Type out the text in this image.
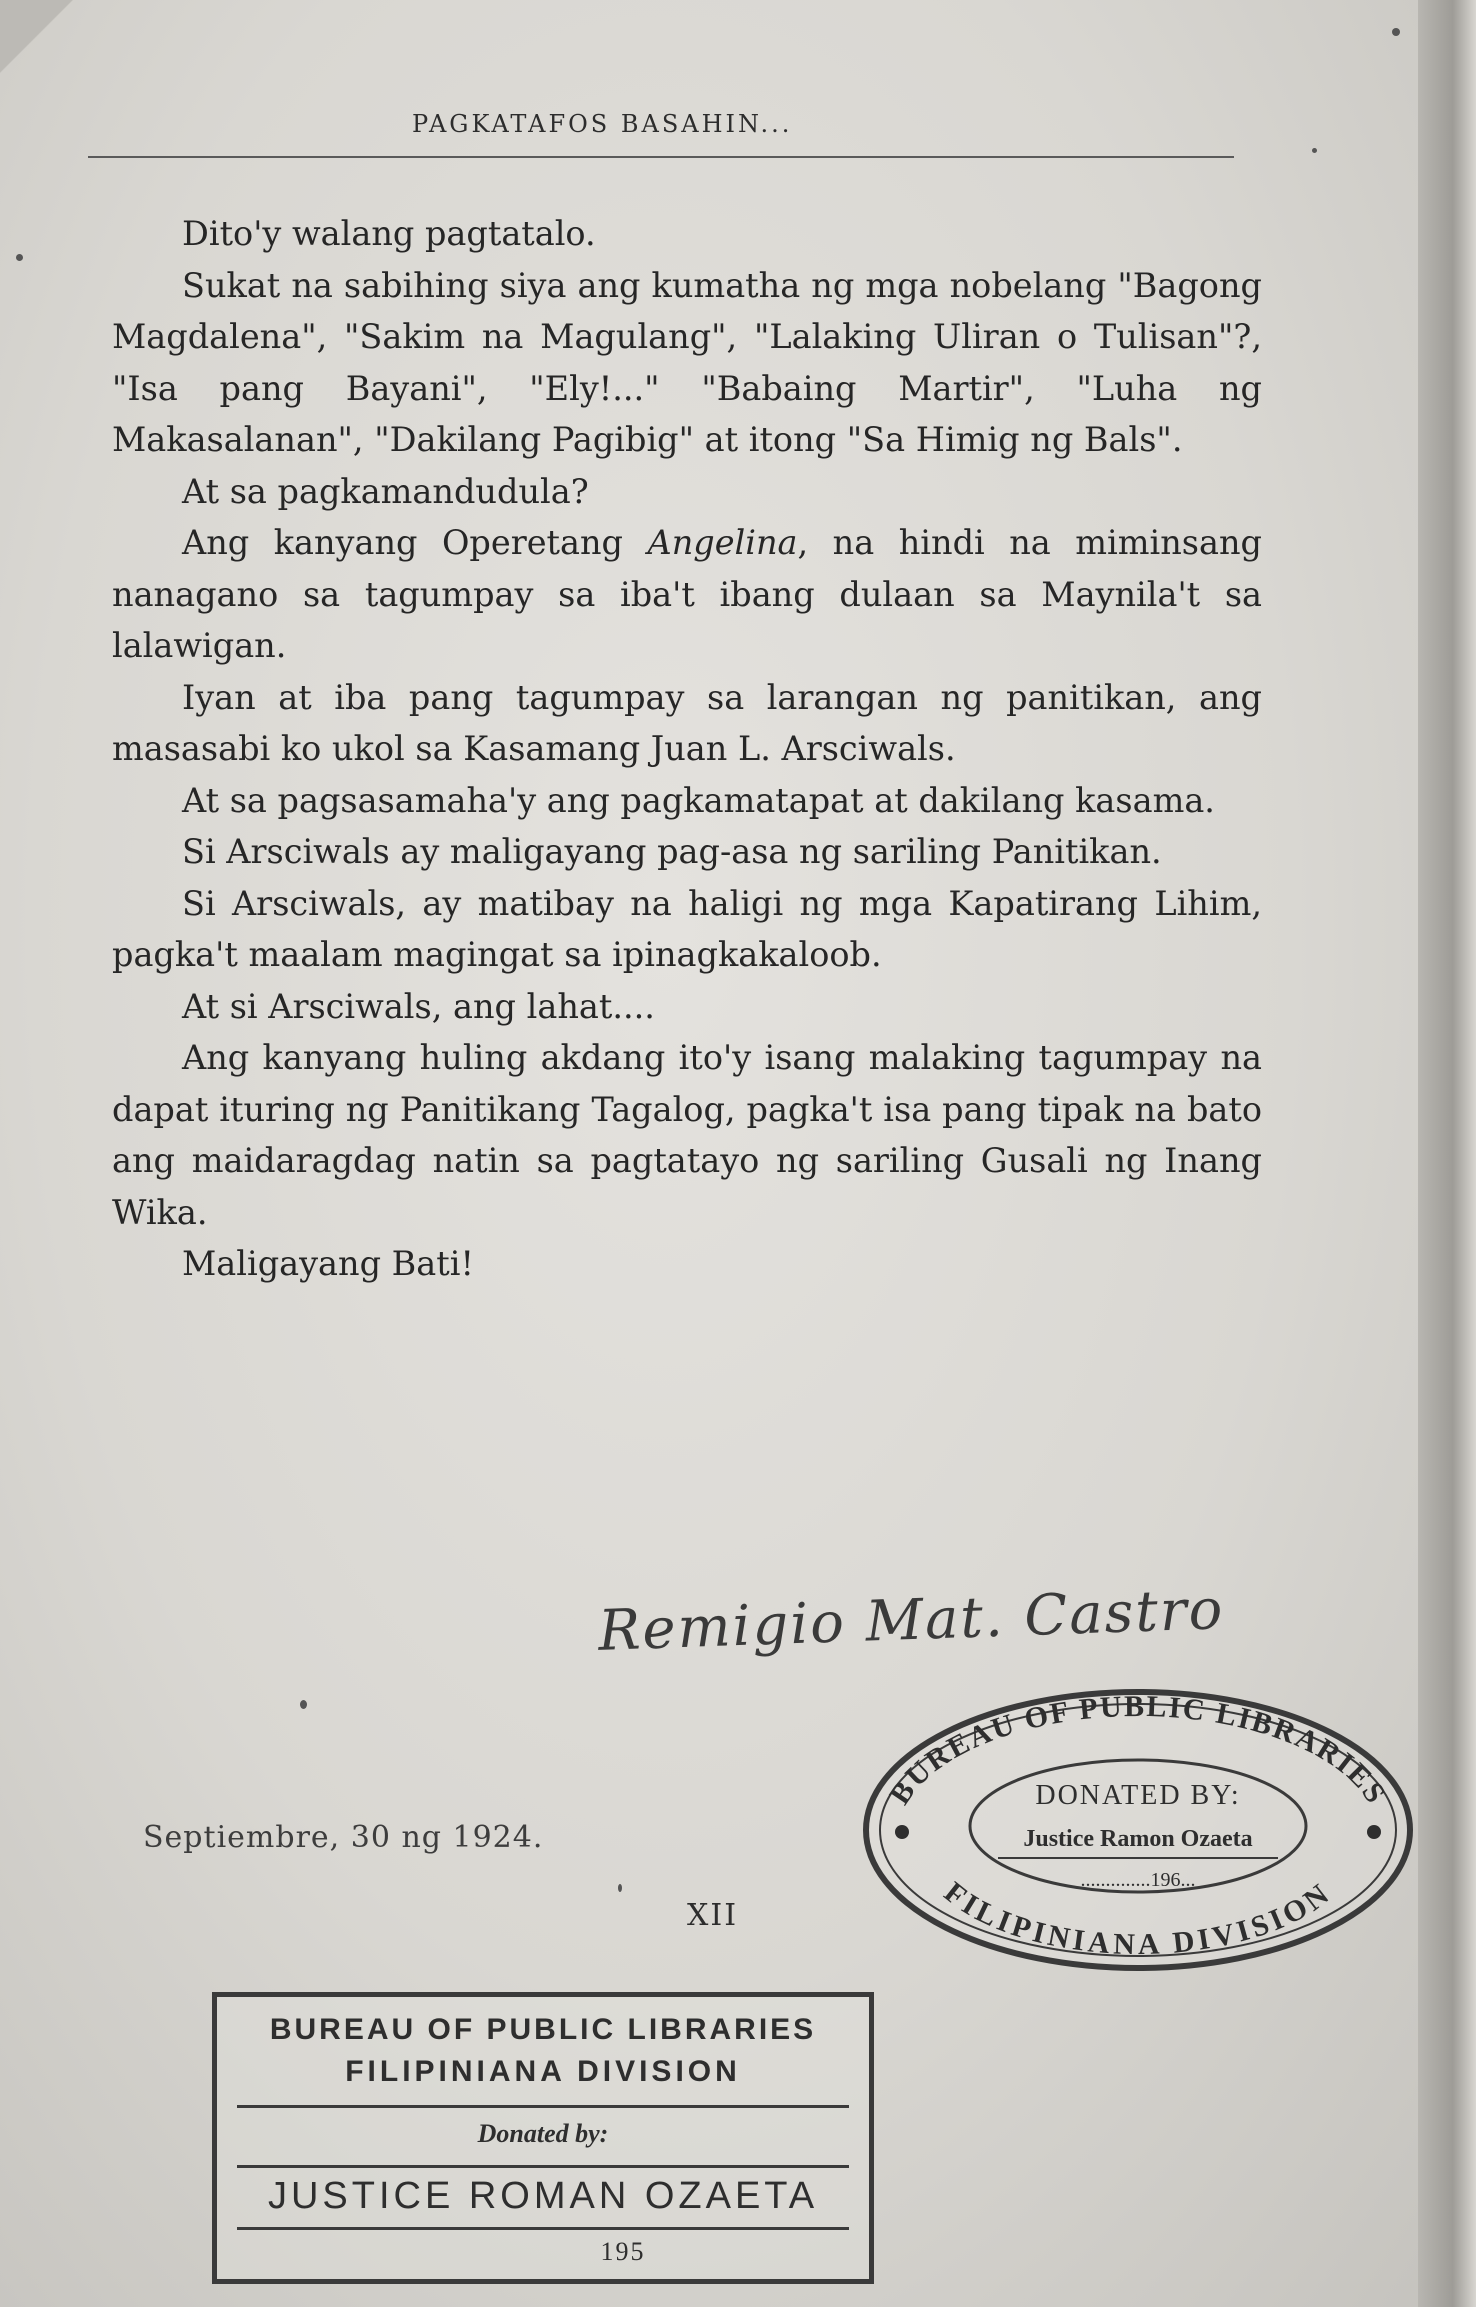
PAGKATAFOS BASAHIN...

Dito'y walang pagtatalo.

Sukat na sabihing siya ang kumatha ng mga nobelang "Bagong Magdalena", "Sakim na Magulang", "Lalaking Uliran o Tulisan"?, "Isa pang Bayani", "Ely!..." "Babaing Martir", "Luha ng Makasalanan", "Dakilang Pagibig" at itong "Sa Himig ng Bals".

At sa pagkamandudula?

Ang kanyang Operetang Angelina, na hindi na miminsang nanagano sa tagumpay sa iba't ibang dulaan sa Maynila't sa lalawigan.

Iyan at iba pang tagumpay sa larangan ng panitikan, ang masasabi ko ukol sa Kasamang Juan L. Arsciwals.

At sa pagsasamaha'y ang pagkamatapat at dakilang kasama.

Si Arsciwals ay maligayang pag-asa ng sariling Panitikan.

Si Arsciwals, ay matibay na haligi ng mga Kapatirang Lihim, pagka't maalam magingat sa ipinagkakaloob.

At si Arsciwals, ang lahat....

Ang kanyang huling akdang ito'y isang malaking tagumpay na dapat ituring ng Panitikang Tagalog, pagka't isa pang tipak na bato ang maidaragdag natin sa pagtatayo ng sariling Gusali ng Inang Wika.

Maligayang Bati!

Remigio Mat. Castro
Septiembre, 30 ng 1924.
XII
BUREAU OF PUBLIC LIBRARIES
FILIPINIANA DIVISION
DONATED BY:
Justice Ramon Ozaeta
..............196...
BUREAU OF PUBLIC LIBRARIES
FILIPINIANA DIVISION
Donated by:
JUSTICE ROMAN OZAETA
195
